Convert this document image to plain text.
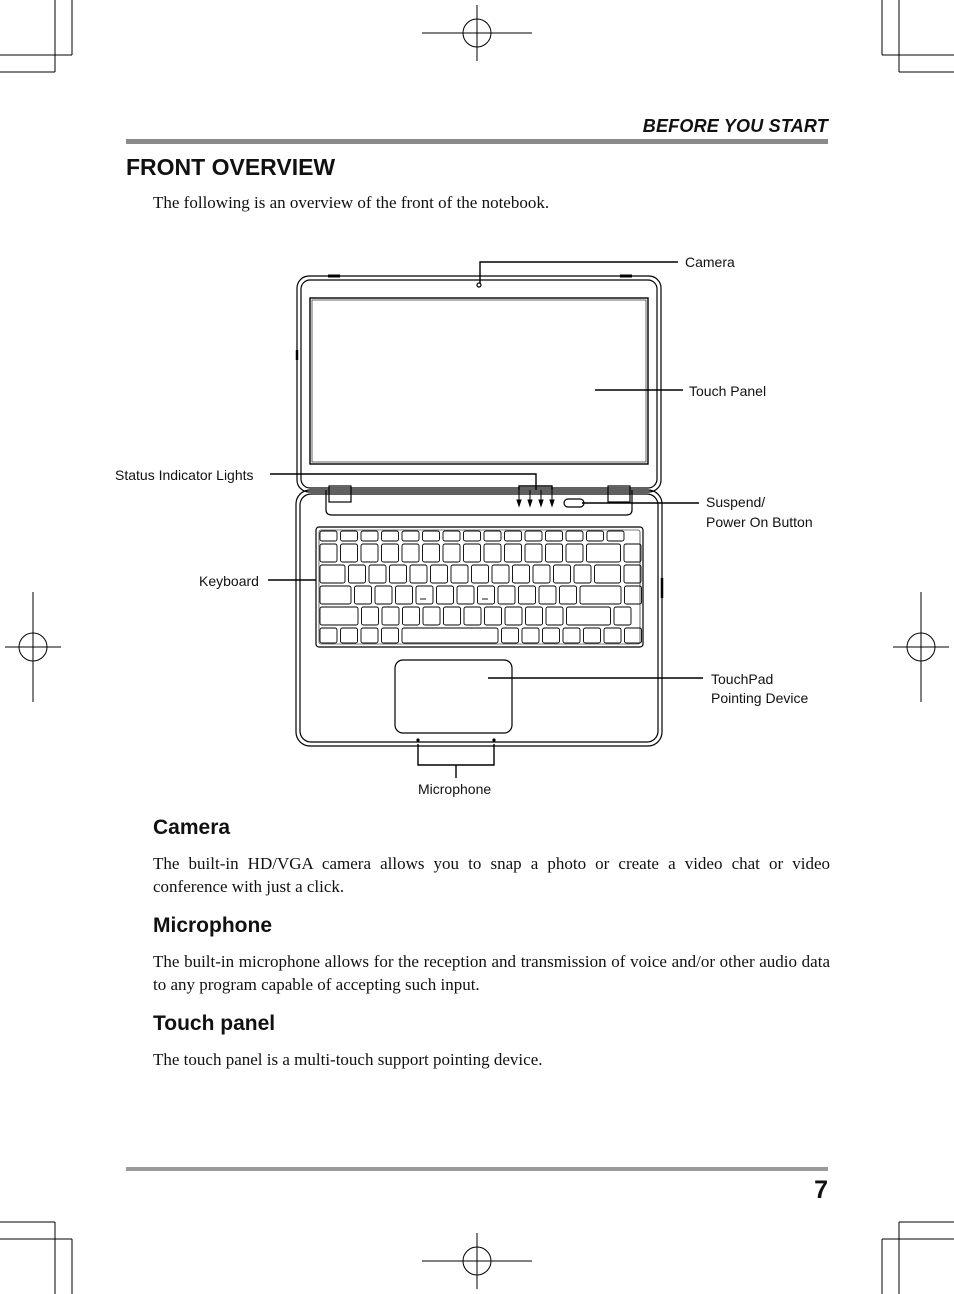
BEFORE YOU START
FRONT OVERVIEW
The following is an overview of the front of the notebook.
Camera
Touch Panel
Status Indicator Lights
Suspend/
Power On Button
Keyboard
TouchPad
Pointing Device
Microphone
Camera
The built-in HD/VGA camera allows you to snap a photo or create a video chat or video conference with just a click.
Microphone
The built-in microphone allows for the reception and transmission of voice and/or other audio data to any program capable of accepting such input.
Touch panel
The touch panel is a multi-touch support pointing device.
7
